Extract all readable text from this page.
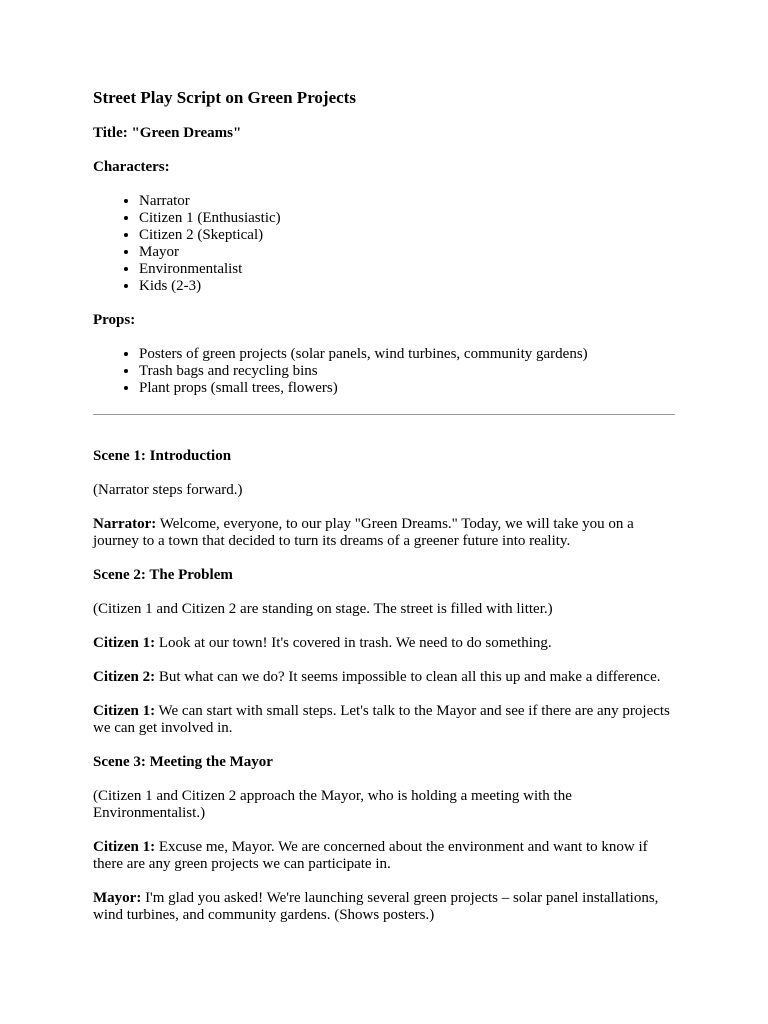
Street Play Script on Green Projects

Title: "Green Dreams"

Characters:

• Narrator
• Citizen 1 (Enthusiastic)
• Citizen 2 (Skeptical)
• Mayor
• Environmentalist
• Kids (2-3)

Props:

• Posters of green projects (solar panels, wind turbines, community gardens)
• Trash bags and recycling bins
• Plant props (small trees, flowers)

Scene 1: Introduction

(Narrator steps forward.)

Narrator: Welcome, everyone, to our play "Green Dreams." Today, we will take you on a journey to a town that decided to turn its dreams of a greener future into reality.

Scene 2: The Problem

(Citizen 1 and Citizen 2 are standing on stage. The street is filled with litter.)

Citizen 1: Look at our town! It's covered in trash. We need to do something.

Citizen 2: But what can we do? It seems impossible to clean all this up and make a difference.

Citizen 1: We can start with small steps. Let's talk to the Mayor and see if there are any projects we can get involved in.

Scene 3: Meeting the Mayor

(Citizen 1 and Citizen 2 approach the Mayor, who is holding a meeting with the Environmentalist.)

Citizen 1: Excuse me, Mayor. We are concerned about the environment and want to know if there are any green projects we can participate in.

Mayor: I'm glad you asked! We're launching several green projects – solar panel installations, wind turbines, and community gardens. (Shows posters.)
